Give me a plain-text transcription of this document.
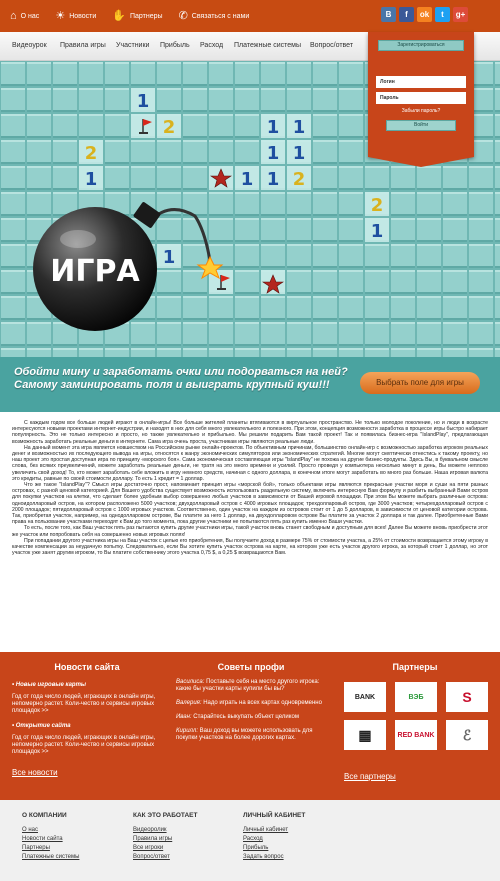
⌂ О нас ☀ Новости ✋ Партнеры ✆ Связаться с нами	В	f	ok	t	g+
Видеоурок Правила игры Участники Прибыль Расход Платежные системы Вопрос/ответ
1
2	1 1
2	1 1
1	1 1 2
2
1
1
ИГРА
Зарегистрироваться
Логин
Пароль
Забыли пароль?
Войти
Обойти мину и заработать очки или подорваться на ней? Самому заминировать поля и выиграть крупный куш!!!	Выбрать поле для игры

С каждым годом все больше людей играют в онлайн-игры! Все больше жителей планеты втягиваются в виртуальное пространство. Не только молодое поколение, но и люди в возрасте интересуются новыми проектами интернет-индустрии, и находят в них для себя много увлекательного и полезного. При этом, концепция возможности заработка в процессе игры быстро набирает популярность. Это не только интересно и просто, но также увлекательно и прибыльно. Мы решили подарить Вам такой проект! Так и появилась бизнес-игра "IslandPlay", предлагающая возможность заработать реальные деньги в интернете. Сама игра очень проста, участникам игры являются реальные люди.

На данный момент эта игра является новшеством на Российском рынке онлайн-проектов. По объективным причинам, большинство онлайн-игр с возможностью заработка игроком реальных денег и возможностью их последующего вывода на игры, относятся к жанру экономических симуляторов или экономических стратегий. Многие могут скептически отнестись к такому проекту, но наш проект это простая доступная игра по принципу «морского боя». Сама экономическая составляющая игры "IslandPlay" не похожа на другие бизнес-продукты. Здесь Вы, в буквальном смысле слова, без всяких преувеличений, можете заработать реальные деньги, не тратя на это много времени и усилий. Просто проведя у компьютера несколько минут в день, Вы можете неплохо увеличить свой доход! То, кто может заработать себе вложить в игру немного средств, начиная с одного доллара, в конечном итоге могут заработать во много раз больше. Наша игровая валюта это кредиты, равные по своей стоимости доллару. То есть 1 кредит = 1 доллар.

Что же такое "IslandPlay"? Смысл игры достаточно прост, напоминает принцип игры «морской бой», только объектами игры являются прекрасные участки моря и суши на пяти разных островах, с разной ценовой категорией. Для Вашего удобства существует возможность использовать раздельную систему, включить интересную Вам формулу и разбить выбранный Вами остров для покупки участков на клетки, что сделает более удобным выбор совершенно любых участков в зависимости от Вашей игровой площадки. При этом Вы можете выбрать различные острова: одноидолларовый остров, на котором расположено 5000 участков; двухдолларовый остров с 4000 игровых площадок; трехдолларовый остров, где 3000 участков; четырехдолларовый остров с 2000 площадок; пятидолларовый остров с 1000 игровых участков. Соответственно, один участок на каждом из островов стоит от 1 до 5 долларов, в зависимости от ценовой категории острова. Так, приобретая участок, например, на однодолларовом острове, Вы платите за него 1 доллар, на двухдолларовом острове Вы платите за участок 2 доллара и так далее. Приобретенные Вами права на пользование участками переходят к Вам до того момента, пока другие участники не попытаются пять раз купить именно Ваши участки.

То есть, после того, как Ваш участок пять раз пытаются купить другие участники игры, такой участок вновь станет свободным и доступным для всех! Далее Вы можете вновь приобрести этот же участок или попробовать себя на совершенно новых игровых полях!

При попадании другого участника игры на Ваш участок с целью его приобретения, Вы получаете доход в размере 75% от стоимости участка, а 25% от стоимости возвращается этому игроку в качестве компенсации за неудачную попытку. Следовательно, если Вы хотите купить участок острова на карте, на котором уже есть участок другого игрока, за который стоит 1 доллар, но этот участок уже занят другим игроком, то Вы платите собственнику этого участка 0,75 $, а 0,25 $ возвращаются Вам.

Новости сайта
• Новые игровые карты
Год от года число людей, играющих в онлайн игры, непомерно растет. Коли-чество и сервисы игровых площадок >>
• Открытие сайта
Год от года число людей, играющих в онлайн игры, непомерно растет. Коли-чество и сервисы игровых площадок >>
Все новости
Советы профи
Василиса: Поставьте себя на место другого игрока: какие бы участки карты купили бы вы?
Валерия: Надо играть на всех картах одновременно
Иван: Старайтесь выкупать объект целиком
Кирилл: Ваш доход вы можете использовать для покупки участков на более дорогих картах.
Партнеры
BANK	ВЭБ	S
▦	RED BANK	ℰ
Все партнеры
О КОМПАНИИ
О нас
Новости сайта
Партнеры
Платежные системы
КАК ЭТО РАБОТАЕТ
Видеоролик
Правила игры
Все игроки
Вопрос/ответ
ЛИЧНЫЙ КАБИНЕТ
Личный кабинет
Расход
Прибыль
Задать вопрос
